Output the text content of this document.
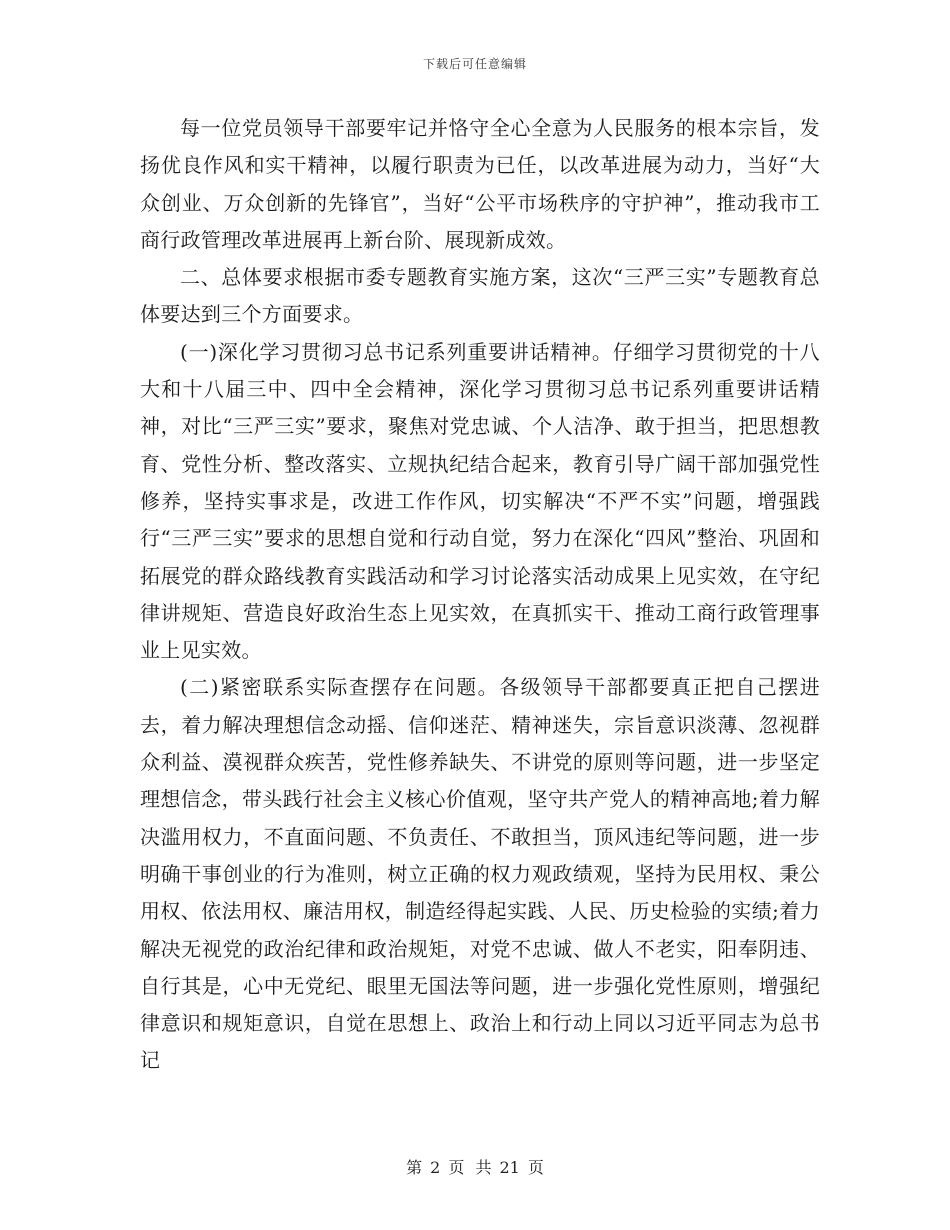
下载后可任意编辑

每一位党员领导干部要牢记并恪守全心全意为人民服务的根本宗旨，发扬优良作风和实干精神，以履行职责为已任，以改革进展为动力，当好“大众创业、万众创新的先锋官”，当好“公平市场秩序的守护神”，推动我市工商行政管理改革进展再上新台阶、展现新成效。

二、总体要求根据市委专题教育实施方案，这次“三严三实”专题教育总体要达到三个方面要求。

(一)深化学习贯彻习总书记系列重要讲话精神。仔细学习贯彻党的十八大和十八届三中、四中全会精神，深化学习贯彻习总书记系列重要讲话精神，对比“三严三实”要求，聚焦对党忠诚、个人洁净、敢于担当，把思想教育、党性分析、整改落实、立规执纪结合起来，教育引导广阔干部加强党性修养，坚持实事求是，改进工作作风，切实解决“不严不实”问题，增强践行“三严三实”要求的思想自觉和行动自觉，努力在深化“四风”整治、巩固和拓展党的群众路线教育实践活动和学习讨论落实活动成果上见实效，在守纪律讲规矩、营造良好政治生态上见实效，在真抓实干、推动工商行政管理事业上见实效。

(二)紧密联系实际查摆存在问题。各级领导干部都要真正把自己摆进去，着力解决理想信念动摇、信仰迷茫、精神迷失，宗旨意识淡薄、忽视群众利益、漠视群众疾苦，党性修养缺失、不讲党的原则等问题，进一步坚定理想信念，带头践行社会主义核心价值观，坚守共产党人的精神高地;着力解决滥用权力，不直面问题、不负责任、不敢担当，顶风违纪等问题，进一步明确干事创业的行为准则，树立正确的权力观政绩观，坚持为民用权、秉公用权、依法用权、廉洁用权，制造经得起实践、人民、历史检验的实绩;着力解决无视党的政治纪律和政治规矩，对党不忠诚、做人不老实，阳奉阴违、自行其是，心中无党纪、眼里无国法等问题，进一步强化党性原则，增强纪律意识和规矩意识，自觉在思想上、政治上和行动上同以习近平同志为总书记

第 2 页 共 21 页
